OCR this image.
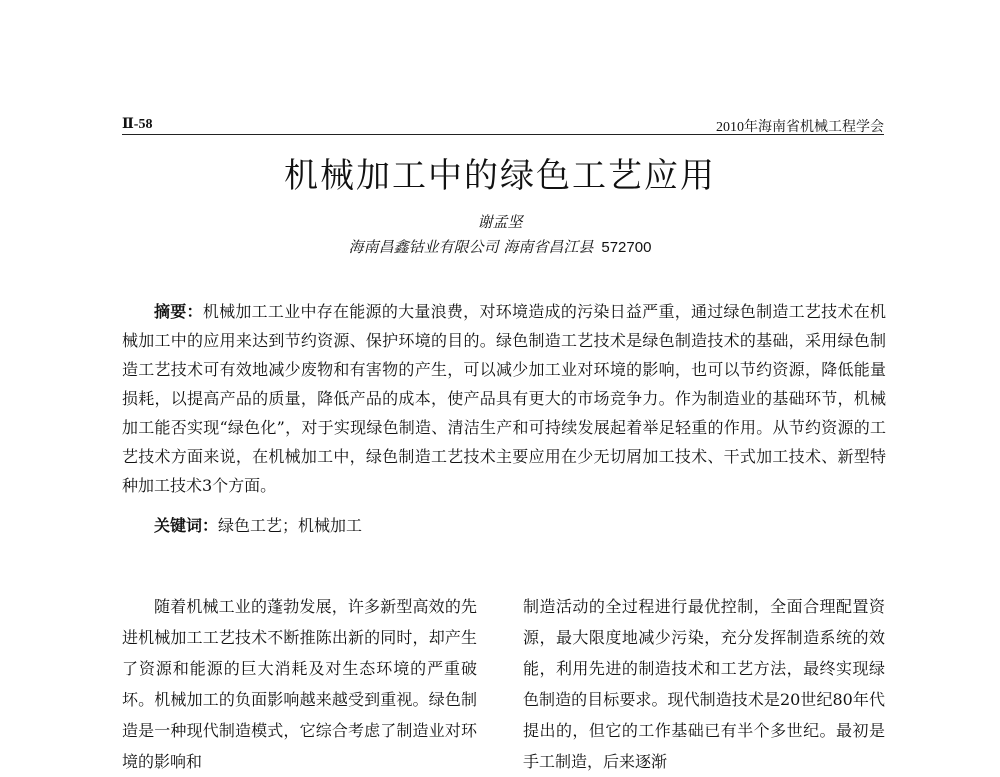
Ⅱ-58	2010年海南省机械工程学会
机械加工中的绿色工艺应用
谢孟坚
海南昌鑫钴业有限公司 海南省昌江县 572700

摘要：机械加工工业中存在能源的大量浪费，对环境造成的污染日益严重，通过绿色制造工艺技术在机械加工中的应用来达到节约资源、保护环境的目的。绿色制造工艺技术是绿色制造技术的基础，采用绿色制造工艺技术可有效地减少废物和有害物的产生，可以减少加工业对环境的影响，也可以节约资源，降低能量损耗，以提高产品的质量，降低产品的成本，使产品具有更大的市场竞争力。作为制造业的基础环节，机械加工能否实现“绿色化”，对于实现绿色制造、清洁生产和可持续发展起着举足轻重的作用。从节约资源的工艺技术方面来说，在机械加工中，绿色制造工艺技术主要应用在少无切屑加工技术、干式加工技术、新型特种加工技术3个方面。

关键词：绿色工艺；机械加工

随着机械工业的蓬勃发展，许多新型高效的先进机械加工工艺技术不断推陈出新的同时，却产生了资源和能源的巨大消耗及对生态环境的严重破坏。机械加工的负面影响越来越受到重视。绿色制造是一种现代制造模式，它综合考虑了制造业对环境的影响和

制造活动的全过程进行最优控制，全面合理配置资源，最大限度地减少污染，充分发挥制造系统的效能，利用先进的制造技术和工艺方法，最终实现绿色制造的目标要求。现代制造技术是20世纪80年代提出的，但它的工作基础已有半个多世纪。最初是手工制造，后来逐渐
